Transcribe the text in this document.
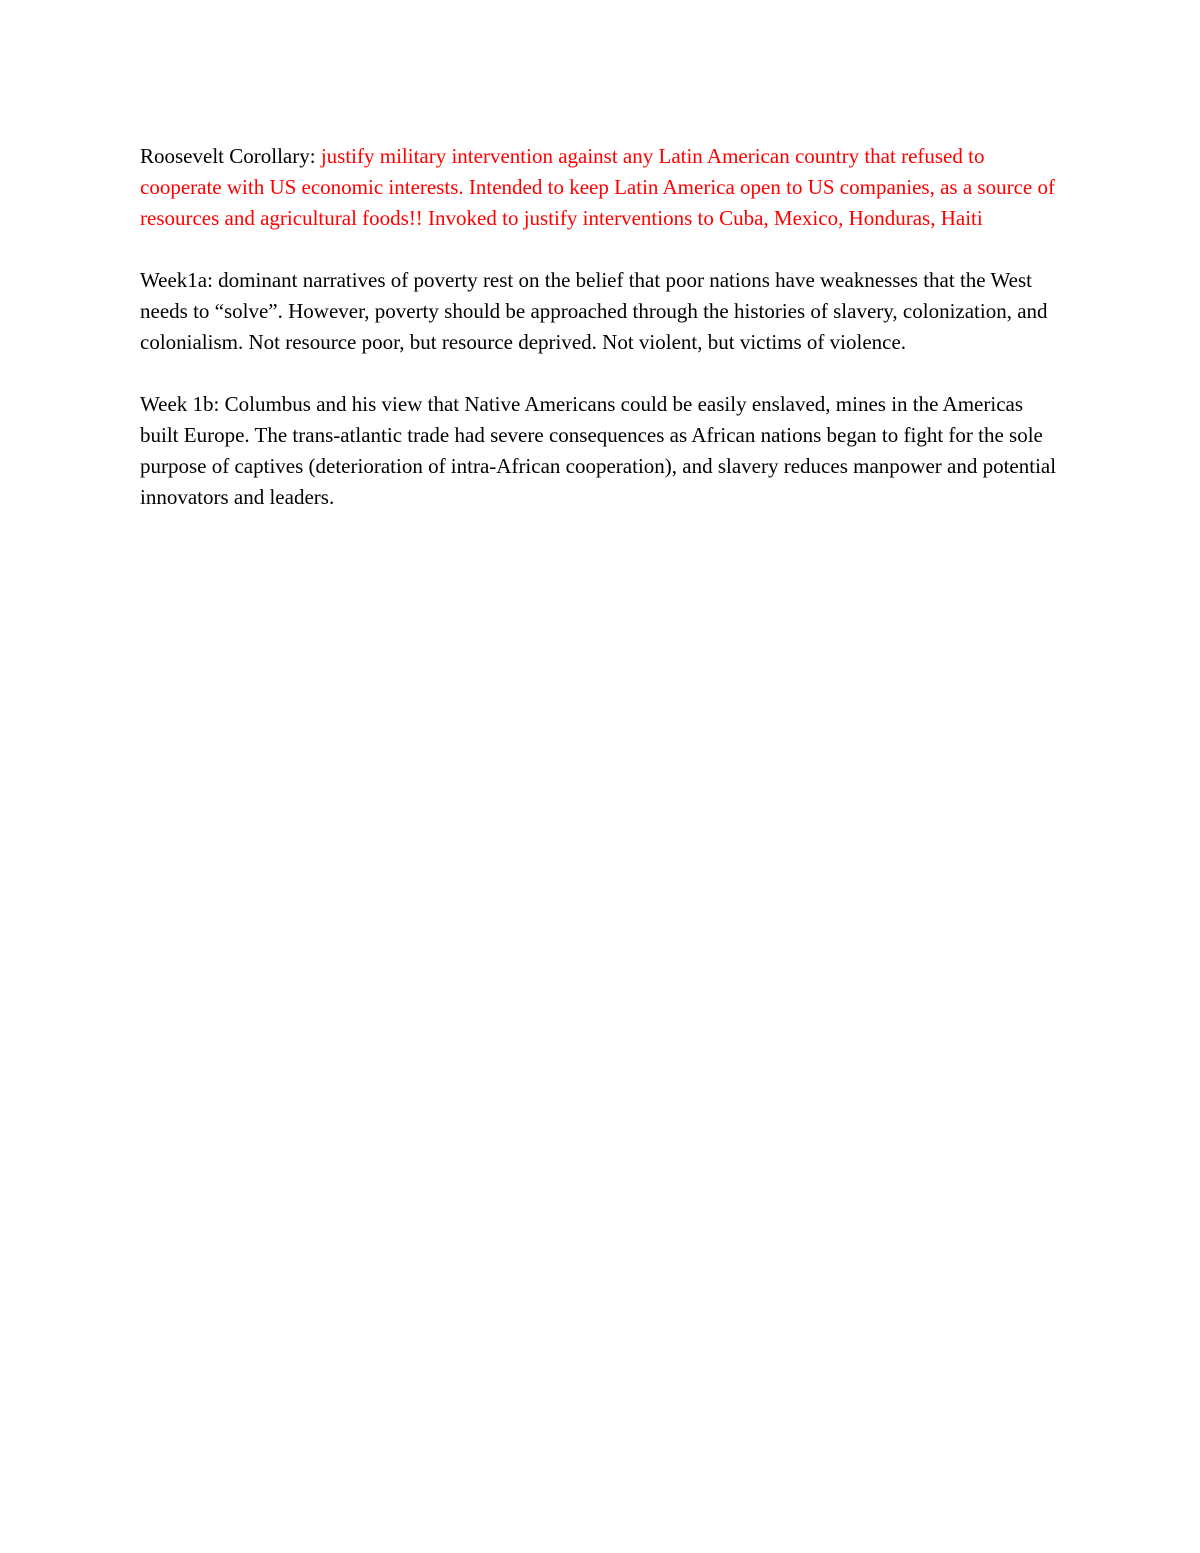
Roosevelt Corollary: justify military intervention against any Latin American country that refused to cooperate with US economic interests. Intended to keep Latin America open to US companies, as a source of resources and agricultural foods!! Invoked to justify interventions to Cuba, Mexico, Honduras, Haiti

Week1a: dominant narratives of poverty rest on the belief that poor nations have weaknesses that the West needs to “solve”. However, poverty should be approached through the histories of slavery, colonization, and colonialism. Not resource poor, but resource deprived. Not violent, but victims of violence.

Week 1b: Columbus and his view that Native Americans could be easily enslaved, mines in the Americas built Europe. The trans-atlantic trade had severe consequences as African nations began to fight for the sole purpose of captives (deterioration of intra-African cooperation), and slavery reduces manpower and potential innovators and leaders.
